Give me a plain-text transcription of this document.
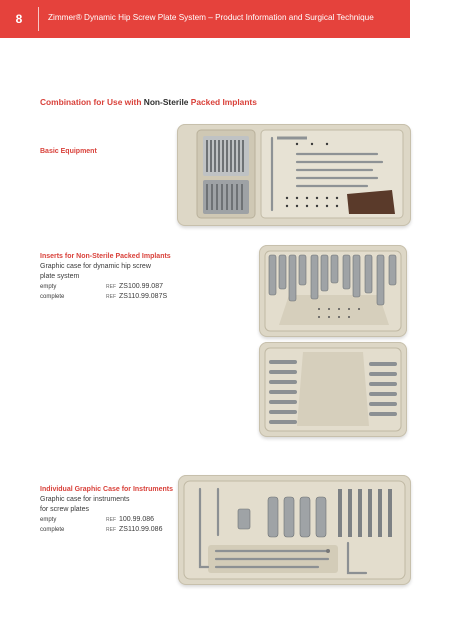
8	Zimmer® Dynamic Hip Screw Plate System – Product Information and Surgical Technique
Combination for Use with Non-Sterile Packed Implants
Basic Equipment
Inserts for Non-Sterile Packed Implants
Graphic case for dynamic hip screw
plate system
empty	REF ZS100.99.087
complete	REF ZS110.99.087S
Individual Graphic Case for Instruments
Graphic case for instruments
for screw plates
empty	REF 100.99.086
complete	REF ZS110.99.086
